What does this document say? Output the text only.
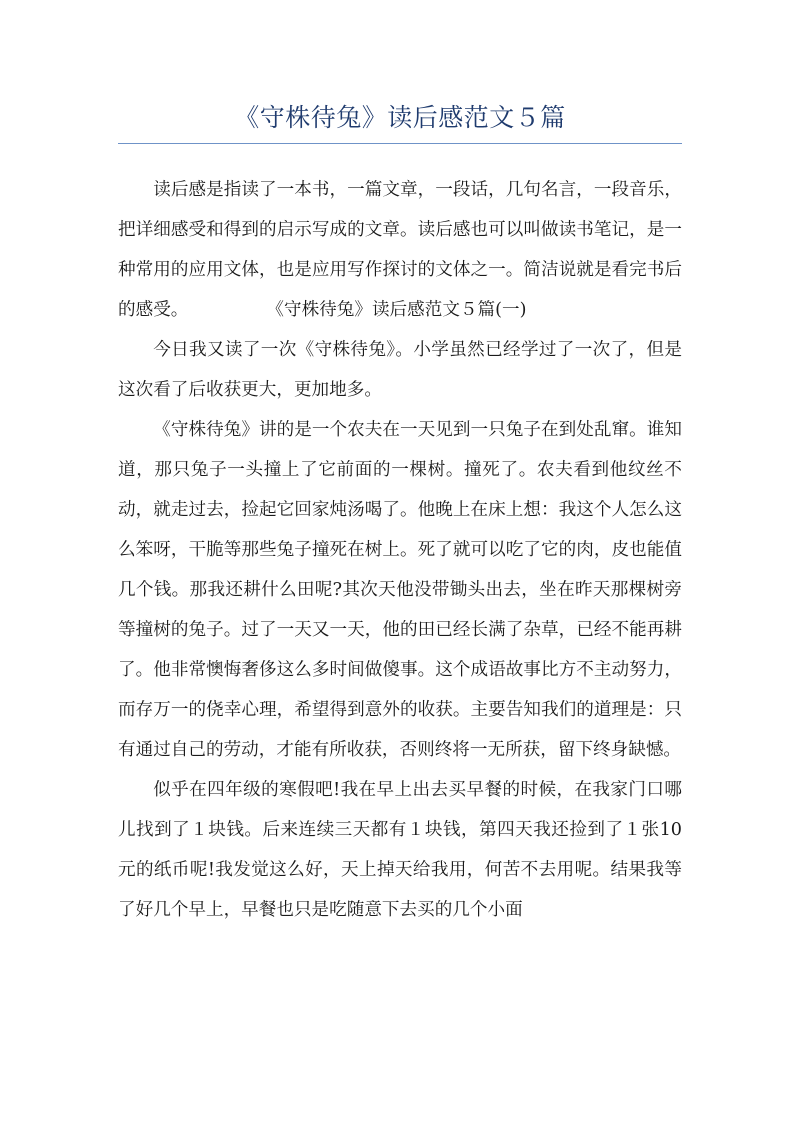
《守株待兔》读后感范文５篇

读后感是指读了一本书，一篇文章，一段话，几句名言，一段音乐，把详细感受和得到的启示写成的文章。读后感也可以叫做读书笔记，是一种常用的应用文体，也是应用写作探讨的文体之一。简洁说就是看完书后的感受。	《守株待兔》读后感范文５篇(一)

今日我又读了一次《守株待兔》。小学虽然已经学过了一次了，但是这次看了后收获更大，更加地多。

《守株待兔》讲的是一个农夫在一天见到一只兔子在到处乱窜。谁知道，那只兔子一头撞上了它前面的一棵树。撞死了。农夫看到他纹丝不动，就走过去，捡起它回家炖汤喝了。他晚上在床上想：我这个人怎么这么笨呀，干脆等那些兔子撞死在树上。死了就可以吃了它的肉，皮也能值几个钱。那我还耕什么田呢?其次天他没带锄头出去，坐在昨天那棵树旁等撞树的兔子。过了一天又一天，他的田已经长满了杂草，已经不能再耕了。他非常懊悔奢侈这么多时间做傻事。这个成语故事比方不主动努力，而存万一的侥幸心理，希望得到意外的收获。主要告知我们的道理是：只有通过自己的劳动，才能有所收获，否则终将一无所获，留下终身缺憾。

似乎在四年级的寒假吧!我在早上出去买早餐的时候，在我家门口哪儿找到了１块钱。后来连续三天都有１块钱，第四天我还捡到了１张10元的纸币呢!我发觉这么好，天上掉天给我用，何苦不去用呢。结果我等了好几个早上，早餐也只是吃随意下去买的几个小面
